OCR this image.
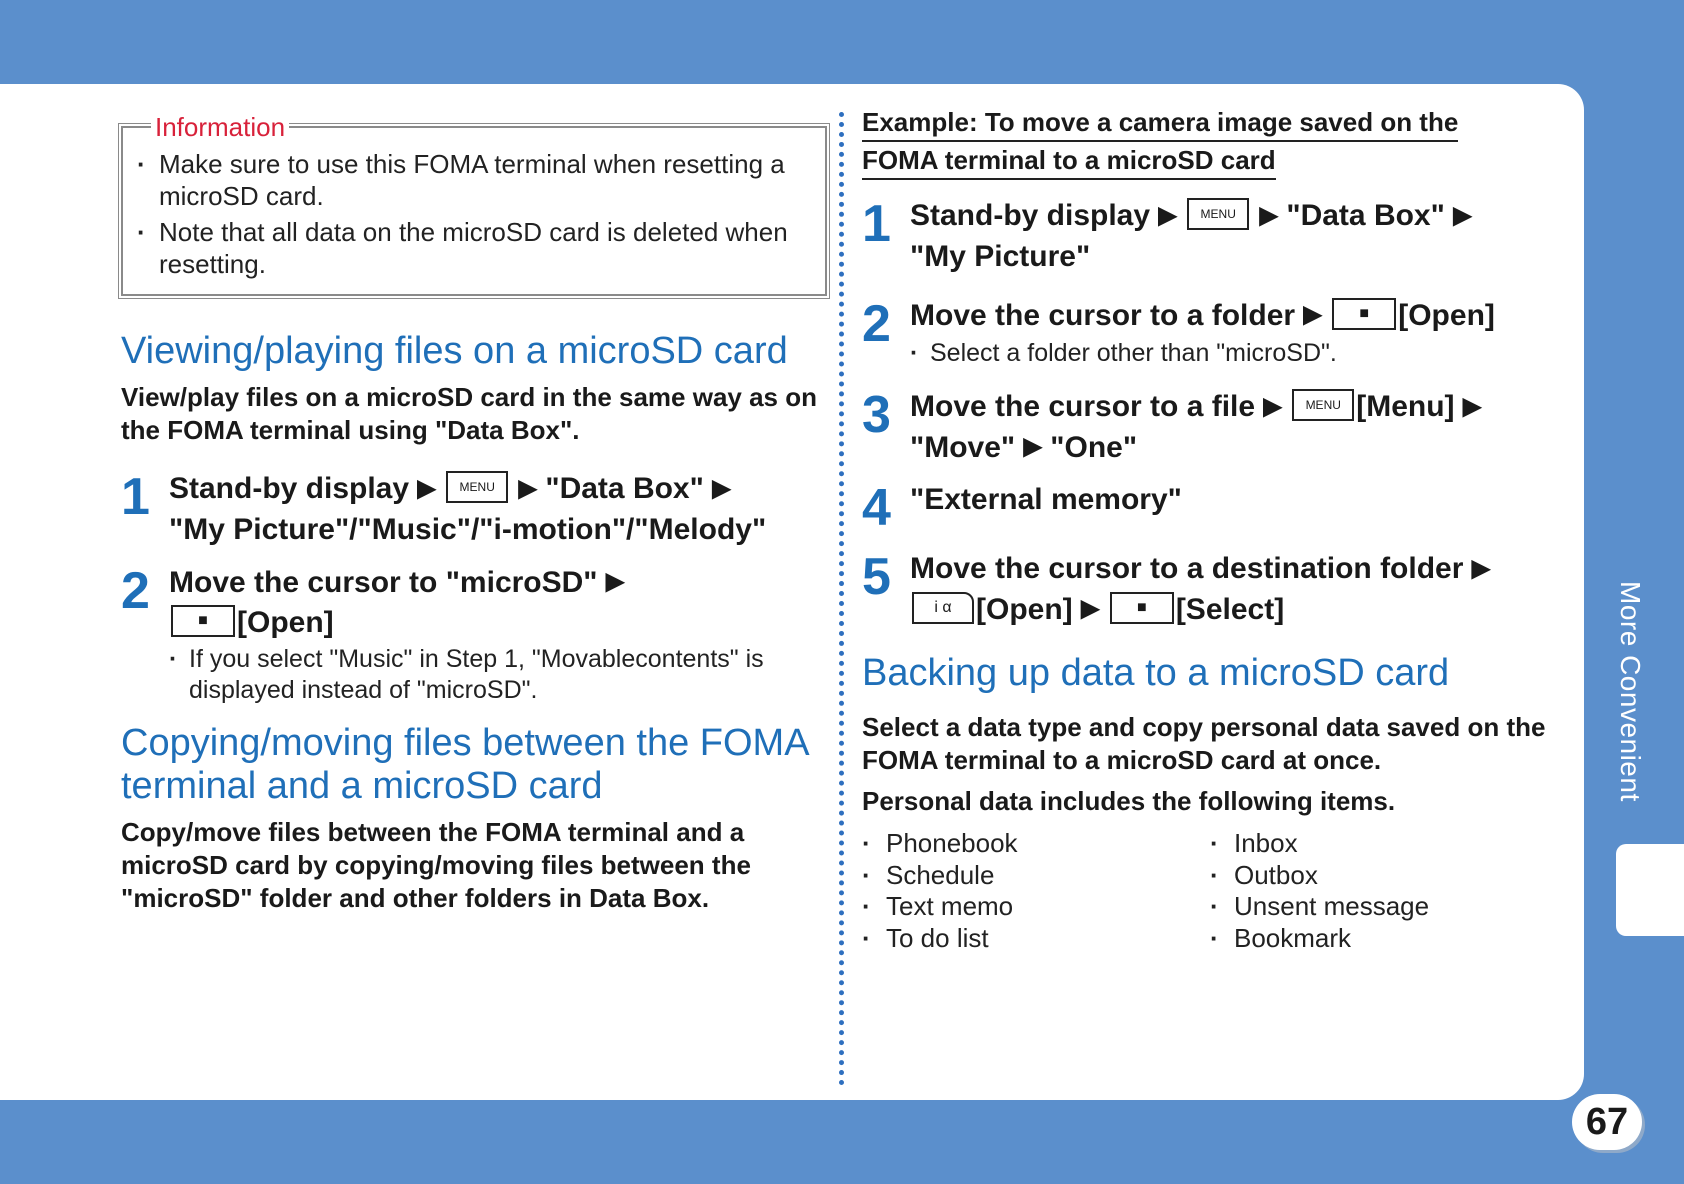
More Convenient
67
Information
· Make sure to use this FOMA terminal when resetting a microSD card.
· Note that all data on the microSD card is deleted when resetting.
Viewing/playing files on a microSD card

View/play files on a microSD card in the same way as on the FOMA terminal using "Data Box".

1 Stand-by display ▶ MENU ▶ "Data Box" ▶
"My Picture"/"Music"/"i-motion"/"Melody"
2 Move the cursor to "microSD" ▶
■ [Open]
· If you select "Music" in Step 1, "Movablecontents" is displayed instead of "microSD".
Copying/moving files between the FOMA terminal and a microSD card

Copy/move files between the FOMA terminal and a microSD card by copying/moving files between the "microSD" folder and other folders in Data Box.

Example: To move a camera image saved on the
FOMA terminal to a microSD card
1 Stand-by display ▶ MENU ▶ "Data Box" ▶
"My Picture"
2 Move the cursor to a folder ▶ ■ [Open]
· Select a folder other than "microSD".
3 Move the cursor to a file ▶ MENU [Menu] ▶
"Move" ▶ "One"
4 "External memory"
5 Move the cursor to a destination folder ▶
i α [Open] ▶ ■ [Select]
Backing up data to a microSD card

Select a data type and copy personal data saved on the FOMA terminal to a microSD card at once.

Personal data includes the following items.

· Phonebook	· Inbox
· Schedule	· Outbox
· Text memo	· Unsent message
· To do list	· Bookmark
